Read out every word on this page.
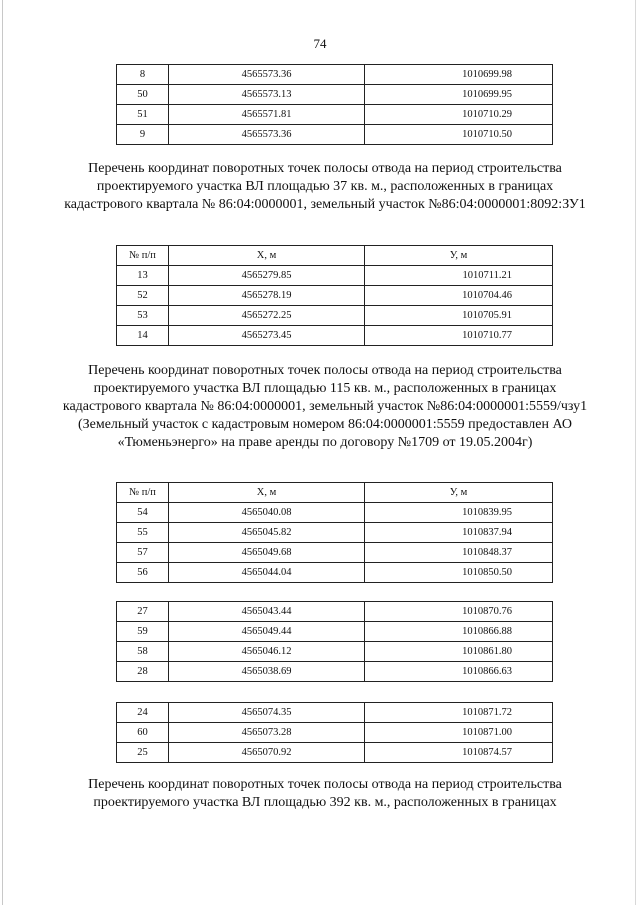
74
8	4565573.36	1010699.98
50	4565573.13	1010699.95
51	4565571.81	1010710.29
9	4565573.36	1010710.50
Перечень координат поворотных точек полосы отвода на период строительства проектируемого участка ВЛ площадью 37 кв. м., расположенных в границах кадастрового квартала № 86:04:0000001, земельный участок №86:04:0000001:8092:ЗУ1
№ п/п	X, м	У, м
13	4565279.85	1010711.21
52	4565278.19	1010704.46
53	4565272.25	1010705.91
14	4565273.45	1010710.77
Перечень координат поворотных точек полосы отвода на период строительства проектируемого участка ВЛ площадью 115 кв. м., расположенных в границах кадастрового квартала № 86:04:0000001, земельный участок №86:04:0000001:5559/чзу1 (Земельный участок с кадастровым номером 86:04:0000001:5559 предоставлен АО «Тюменьэнерго» на праве аренды по договору №1709 от 19.05.2004г)
№ п/п	X, м	У, м
54	4565040.08	1010839.95
55	4565045.82	1010837.94
57	4565049.68	1010848.37
56	4565044.04	1010850.50
27	4565043.44	1010870.76
59	4565049.44	1010866.88
58	4565046.12	1010861.80
28	4565038.69	1010866.63
24	4565074.35	1010871.72
60	4565073.28	1010871.00
25	4565070.92	1010874.57
Перечень координат поворотных точек полосы отвода на период строительства проектируемого участка ВЛ площадью 392 кв. м., расположенных в границах
